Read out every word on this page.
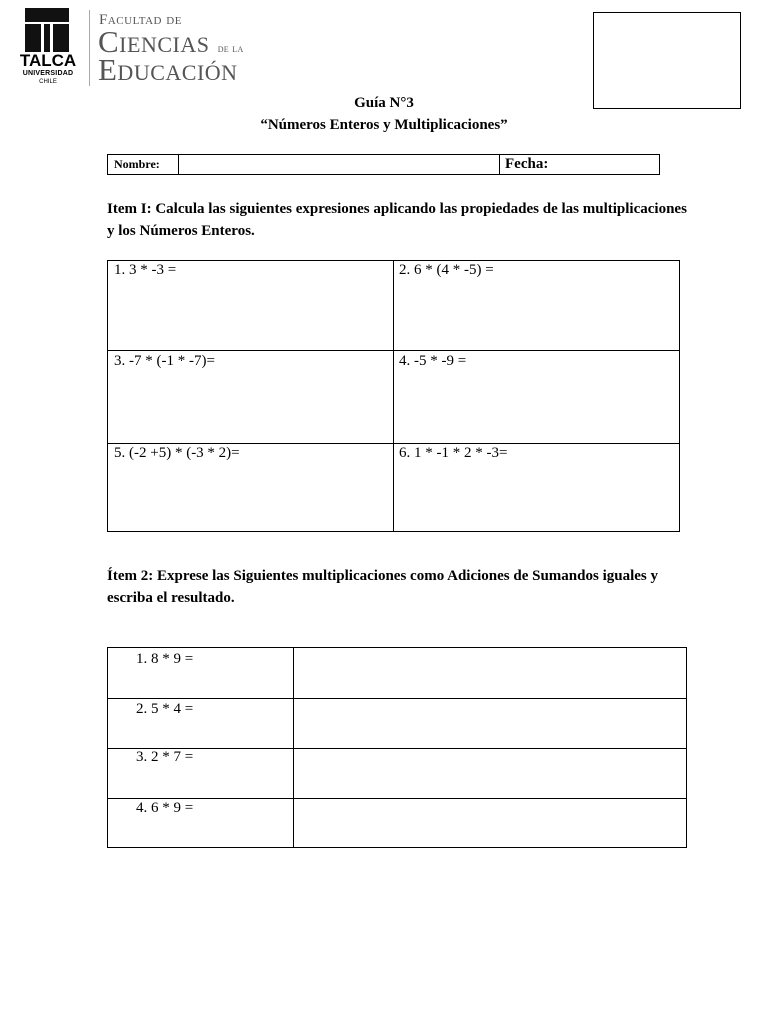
TALCA
UNIVERSIDAD
CHILE
Facultad de
Ciencias de la
Educación
Guía N°3
“Números Enteros y Multiplicaciones”
Nombre:	Fecha:
Item I: Calcula las siguientes expresiones aplicando las propiedades de las multiplicaciones y los Números Enteros.
1. 3 * -3 =	2. 6 * (4 * -5) =
3. -7 * (-1 * -7)=	4. -5 * -9 =
5. (-2 +5) * (-3 * 2)=	6. 1 * -1 * 2 * -3=
Ítem 2: Exprese las Siguientes multiplicaciones como Adiciones de Sumandos iguales y escriba el resultado.
1. 8 * 9 =
2. 5 * 4 =
3. 2 * 7 =
4. 6 * 9 =
